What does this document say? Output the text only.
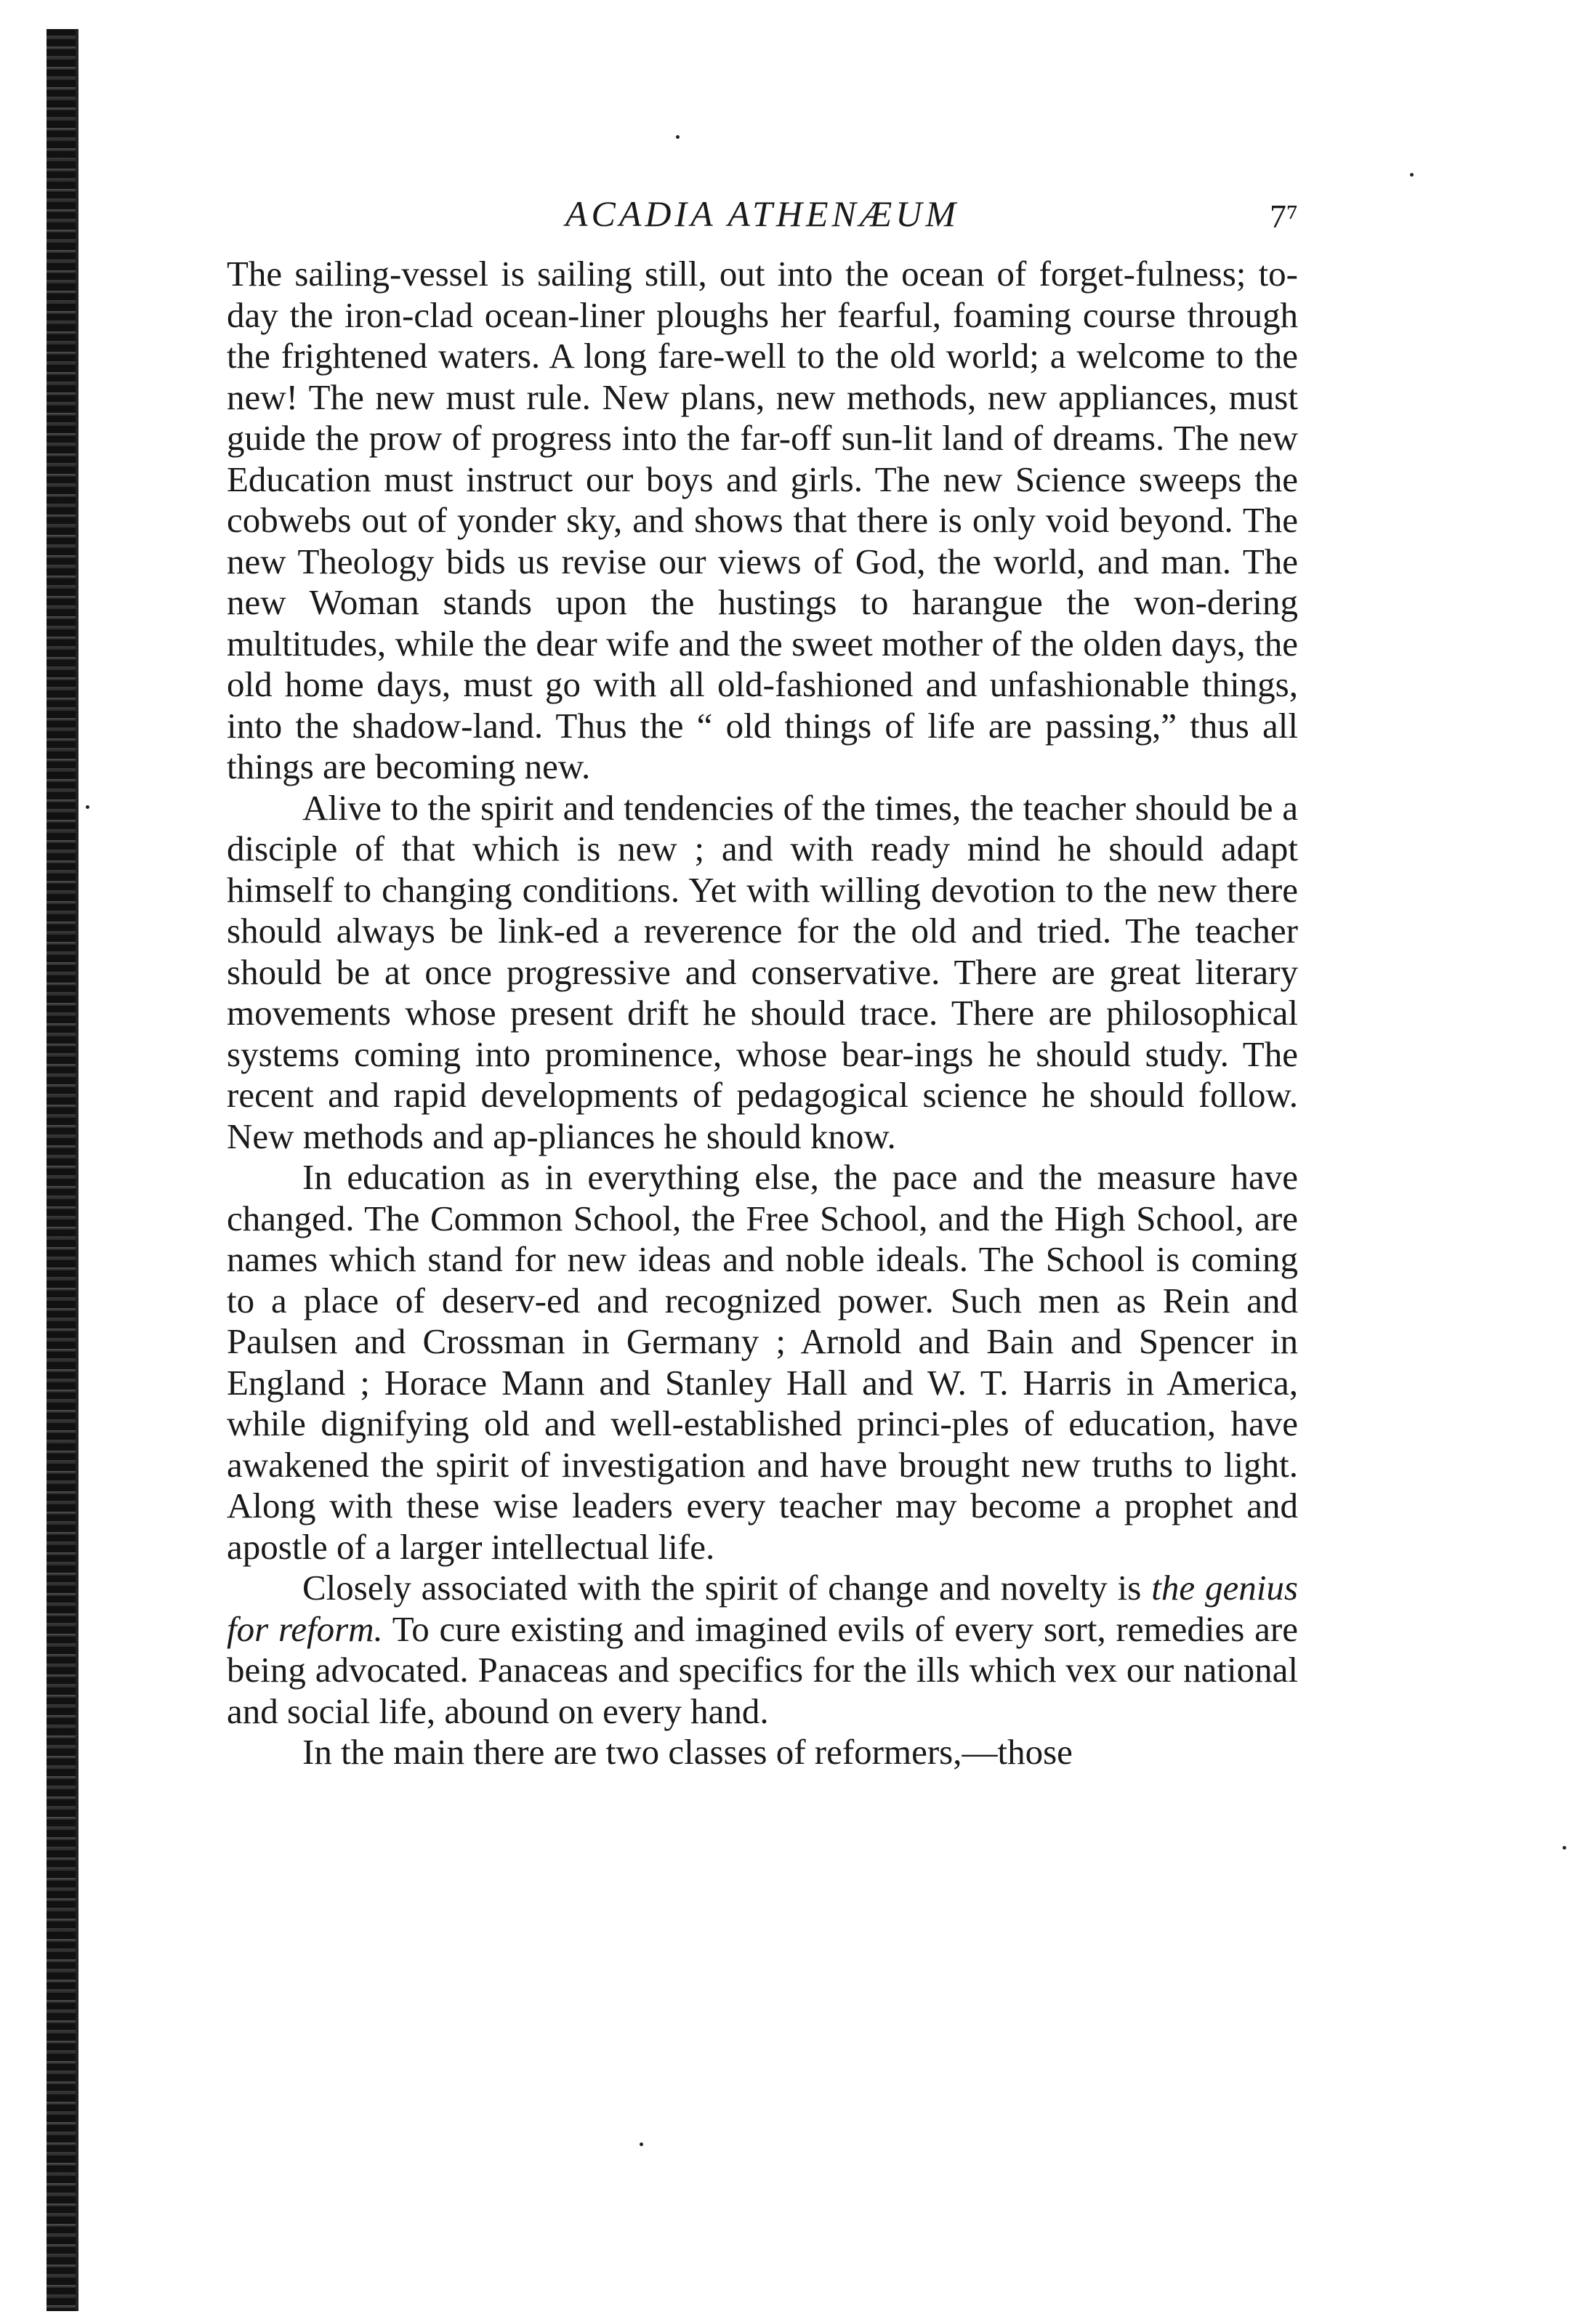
ACADIA ATHENÆUM	7⁷

The sailing-vessel is sailing still, out into the ocean of forget-fulness; to-day the iron-clad ocean-liner ploughs her fearful, foaming course through the frightened waters. A long fare-well to the old world; a welcome to the new! The new must rule. New plans, new methods, new appliances, must guide the prow of progress into the far-off sun-lit land of dreams. The new Education must instruct our boys and girls. The new Science sweeps the cobwebs out of yonder sky, and shows that there is only void beyond. The new Theology bids us revise our views of God, the world, and man. The new Woman stands upon the hustings to harangue the won-dering multitudes, while the dear wife and the sweet mother of the olden days, the old home days, must go with all old-fashioned and unfashionable things, into the shadow-land. Thus the “ old things of life are passing,” thus all things are becoming new.

Alive to the spirit and tendencies of the times, the teacher should be a disciple of that which is new ; and with ready mind he should adapt himself to changing conditions. Yet with willing devotion to the new there should always be link-ed a reverence for the old and tried. The teacher should be at once progressive and conservative. There are great literary movements whose present drift he should trace. There are philosophical systems coming into prominence, whose bear-ings he should study. The recent and rapid developments of pedagogical science he should follow. New methods and ap-pliances he should know.

In education as in everything else, the pace and the measure have changed. The Common School, the Free School, and the High School, are names which stand for new ideas and noble ideals. The School is coming to a place of deserv-ed and recognized power. Such men as Rein and Paulsen and Crossman in Germany ; Arnold and Bain and Spencer in England ; Horace Mann and Stanley Hall and W. T. Harris in America, while dignifying old and well-established princi-ples of education, have awakened the spirit of investigation and have brought new truths to light. Along with these wise leaders every teacher may become a prophet and apostle of a larger intellectual life.

Closely associated with the spirit of change and novelty is the genius for reform. To cure existing and imagined evils of every sort, remedies are being advocated. Panaceas and specifics for the ills which vex our national and social life, abound on every hand.

In the main there are two classes of reformers,—those
